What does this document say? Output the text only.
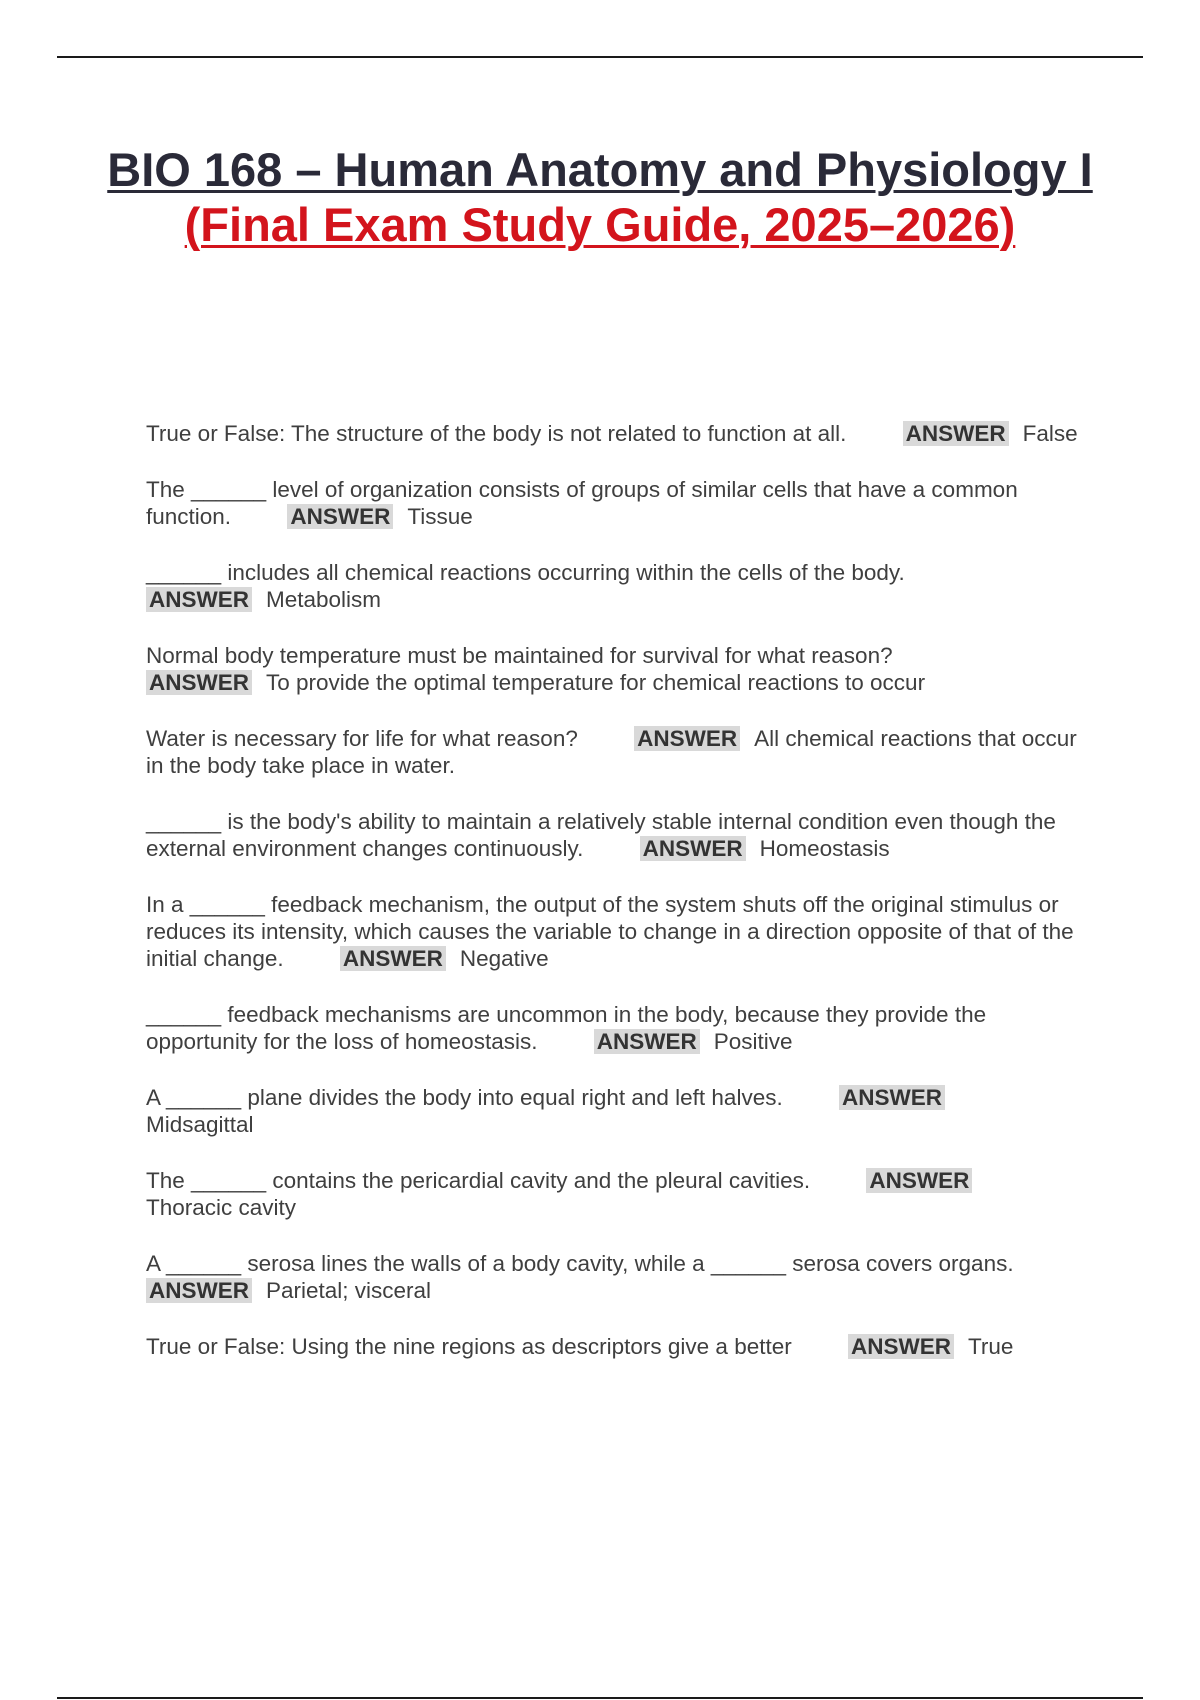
BIO 168 – Human Anatomy and Physiology I (Final Exam Study Guide, 2025–2026)
True or False: The structure of the body is not related to function at all.	ANSWER False
The ______ level of organization consists of groups of similar cells that have a common function.	ANSWER Tissue
______ includes all chemical reactions occurring within the cells of the body.
ANSWER Metabolism
Normal body temperature must be maintained for survival for what reason?
ANSWER To provide the optimal temperature for chemical reactions to occur
Water is necessary for life for what reason?	ANSWER All chemical reactions that occur in the body take place in water.
______ is the body's ability to maintain a relatively stable internal condition even though the external environment changes continuously.	ANSWER Homeostasis
In a ______ feedback mechanism, the output of the system shuts off the original stimulus or reduces its intensity, which causes the variable to change in a direction opposite of that of the initial change.	ANSWER Negative
______ feedback mechanisms are uncommon in the body, because they provide the opportunity for the loss of homeostasis.	ANSWER Positive
A ______ plane divides the body into equal right and left halves.	ANSWER
Midsagittal
The ______ contains the pericardial cavity and the pleural cavities.	ANSWER
Thoracic cavity
A ______ serosa lines the walls of a body cavity, while a ______ serosa covers organs.
ANSWER Parietal; visceral
True or False: Using the nine regions as descriptors give a better	ANSWER True
